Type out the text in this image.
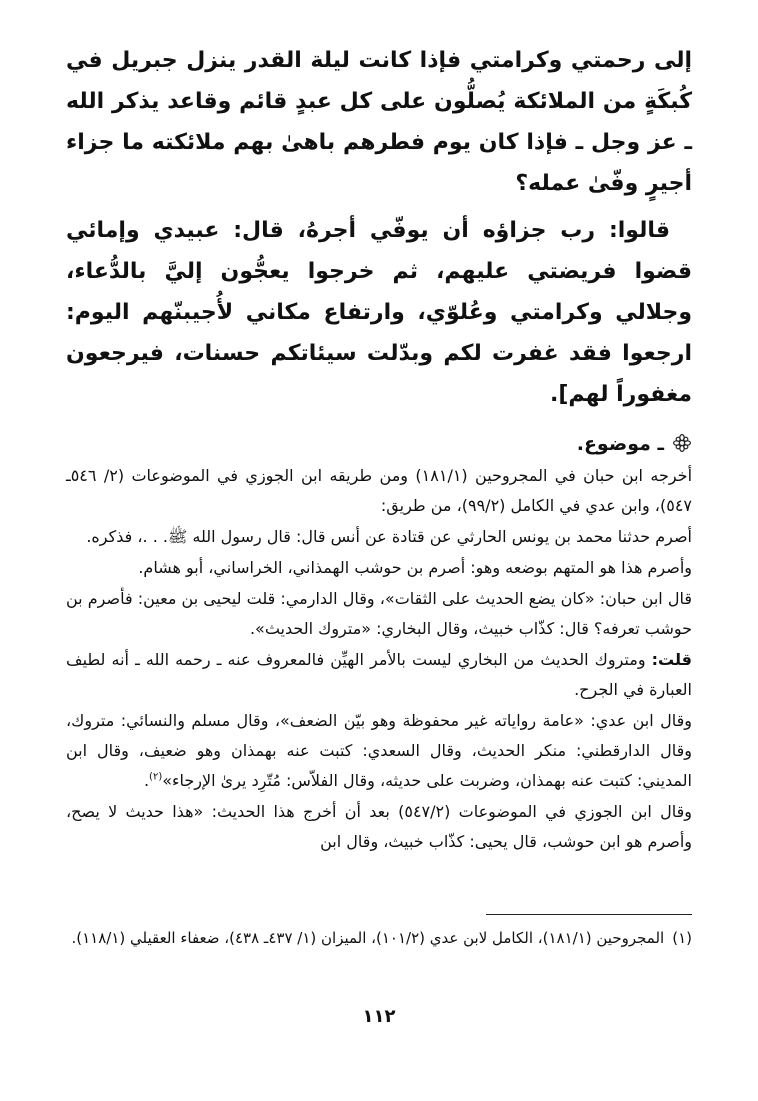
إلى رحمتي وكرامتي فإذا كانت ليلة القدر ينزل جبريل في كُبكَةٍ من الملائكة يُصلُّون على كل عبدٍ قائم وقاعد يذكر الله ـ عز وجل ـ فإذا كان يوم فطرهم باهىٰ بهم ملائكته ما جزاء أجيرٍ وفّىٰ عمله؟

قالوا: رب جزاؤه أن يوفّي أجرهُ، قال: عبيدي وإمائي قضوا فريضتي عليهم، ثم خرجوا يعجُّون إليَّ بالدُّعاء، وجلالي وكرامتي وعُلوّي، وارتفاع مكاني لأُجيبنّهم اليوم: ارجعوا فقد غفرت لكم وبدّلت سيئاتكم حسنات، فيرجعون مغفوراً لهم].

ـ موضوع.

أخرجه ابن حبان في المجروحين (١٨١/١) ومن طريقه ابن الجوزي في الموضوعات (٢/ ٥٤٦ـ ٥٤٧)، وابن عدي في الكامل (٩٩/٢)، من طريق:

أصرم حدثنا محمد بن يونس الحارثي عن قتادة عن أنس قال: قال رسول الله ﷺ. . .، فذكره.

وأصرم هذا هو المتهم بوضعه وهو: أصرم بن حوشب الهمذاني، الخراساني، أبو هشام.

قال ابن حبان: «كان يضع الحديث على الثقات»، وقال الدارمي: قلت ليحيى بن معين: فأصرم بن حوشب تعرفه؟ قال: كذّاب خبيث، وقال البخاري: «متروك الحديث».

قلت: ومتروك الحديث من البخاري ليست بالأمر الهيِّن فالمعروف عنه ـ رحمه الله ـ أنه لطيف العبارة في الجرح.

وقال ابن عدي: «عامة رواياته غير محفوظة وهو بيّن الضعف»، وقال مسلم والنسائي: متروك، وقال الدارقطني: منكر الحديث، وقال السعدي: كتبت عنه بهمذان وهو ضعيف، وقال ابن المديني: كتبت عنه بهمذان، وضربت على حديثه، وقال الفلاّس: مُتّرِد يرىٰ الإرجاء»$^{(٢)}$.

وقال ابن الجوزي في الموضوعات (٥٤٧/٢) بعد أن أخرج هذا الحديث: «هذا حديث لا يصح، وأصرم هو ابن حوشب، قال يحيى: كذّاب خبيث، وقال ابن

(١)
المجروحين (١٨١/١)، الكامل لابن عدي (١٠١/٢)، الميزان (١/ ٤٣٧ـ ٤٣٨)، ضعفاء العقيلي (١١٨/١).
١١٢
